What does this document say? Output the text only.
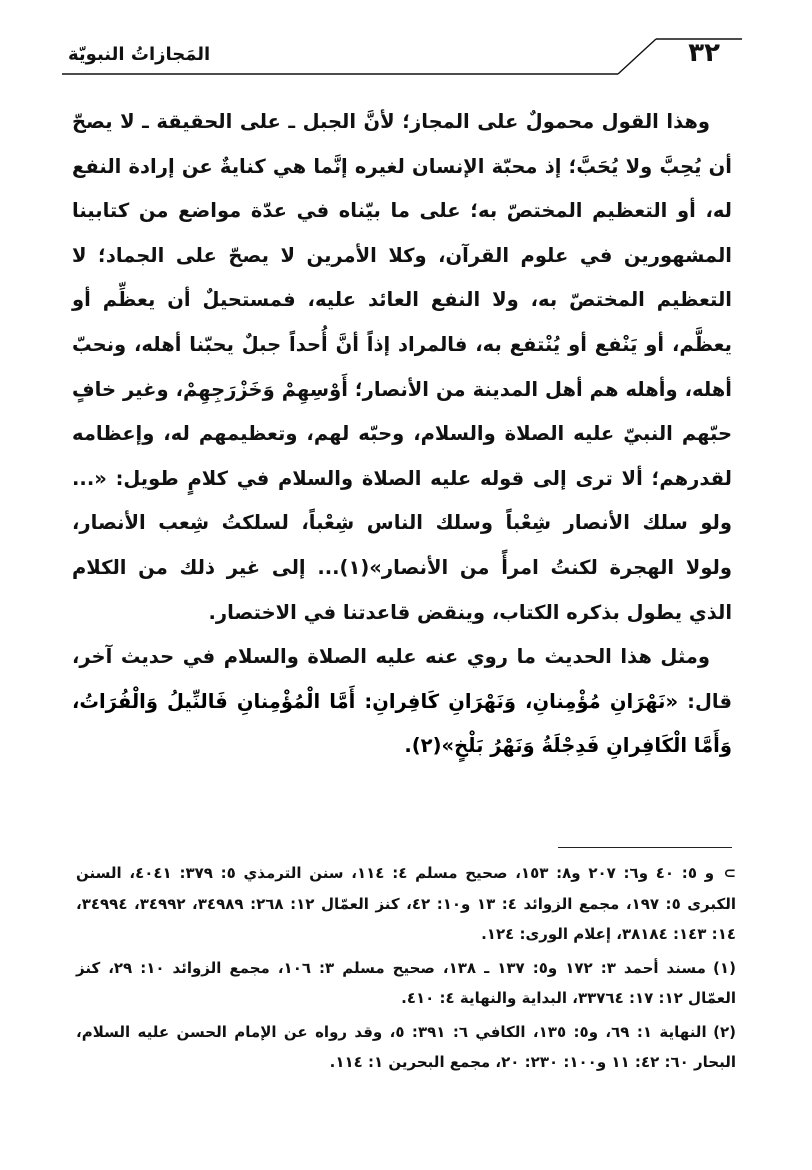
٣٢
المَجازاتُ النبويّة

وهذا القول محمولٌ على المجاز؛ لأنَّ الجبل ـ على الحقيقة ـ لا يصحّ أن يُحِبَّ ولا يُحَبَّ؛ إذ محبّة الإنسان لغيره إنَّما هي كنايةٌ عن إرادة النفع له، أو التعظيم المختصّ به؛ على ما بيّناه في عدّة مواضع من كتابينا المشهورين في علوم القرآن، وكلا الأمرين لا يصحّ على الجماد؛ لا التعظيم المختصّ به، ولا النفع العائد عليه، فمستحيلٌ أن يعظِّم أو يعظَّم، أو يَنْفع أو يُنْتفع به، فالمراد إذاً أنَّ أُحداً جبلٌ يحبّنا أهله، ونحبّ أهله، وأهله هم أهل المدينة من الأنصار؛ أَوْسِهِمْ وَخَزْرَجِهِمْ، وغير خافٍ حبّهم النبيّ عليه الصلاة والسلام، وحبّه لهم، وتعظيمهم له، وإعظامه لقدرهم؛ ألا ترى إلى قوله عليه الصلاة والسلام في كلامٍ طويل: «... ولو سلك الأنصار شِعْباً وسلك الناس شِعْباً، لسلكتُ شِعب الأنصار، ولولا الهجرة لكنتُ امرأً من الأنصار»(١)... إلى غير ذلك من الكلام الذي يطول بذكره الكتاب، وينقض قاعدتنا في الاختصار.

ومثل هذا الحديث ما روي عنه عليه الصلاة والسلام في حديث آخر، قال: «نَهْرَانِ مُؤْمِنانِ، وَنَهْرَانِ كَافِرانِ: أَمَّا الْمُؤْمِنانِ فَالنِّيلُ وَالْفُرَاتُ، وَأَمَّا الْكَافِرانِ فَدِجْلَةُ وَنَهْرُ بَلْخٍ»(٢).

⊃و ٥: ٤٠ و٦: ٢٠٧ و٨: ١٥٣، صحيح مسلم ٤: ١١٤، سنن الترمذي ٥: ٣٧٩: ٤٠٤١، السنن الكبرى ٥: ١٩٧، مجمع الزوائد ٤: ١٣ و١٠: ٤٢، كنز العمّال ١٢: ٢٦٨: ٣٤٩٨٩، ٣٤٩٩٢، ٣٤٩٩٤، ١٤: ١٤٣: ٣٨١٨٤، إعلام الورى: ١٢٤.

(١) مسند أحمد ٣: ١٧٢ و٥: ١٣٧ ـ ١٣٨، صحيح مسلم ٣: ١٠٦، مجمع الزوائد ١٠: ٢٩، كنز العمّال ١٢: ١٧: ٣٣٧٦٤، البداية والنهاية ٤: ٤١٠.

(٢) النهاية ١: ٦٩، و٥: ١٣٥، الكافي ٦: ٣٩١: ٥، وقد رواه عن الإمام الحسن عليه السلام، البحار ٦٠: ٤٢: ١١ و١٠٠: ٢٣٠: ٢٠، مجمع البحرين ١: ١١٤.
